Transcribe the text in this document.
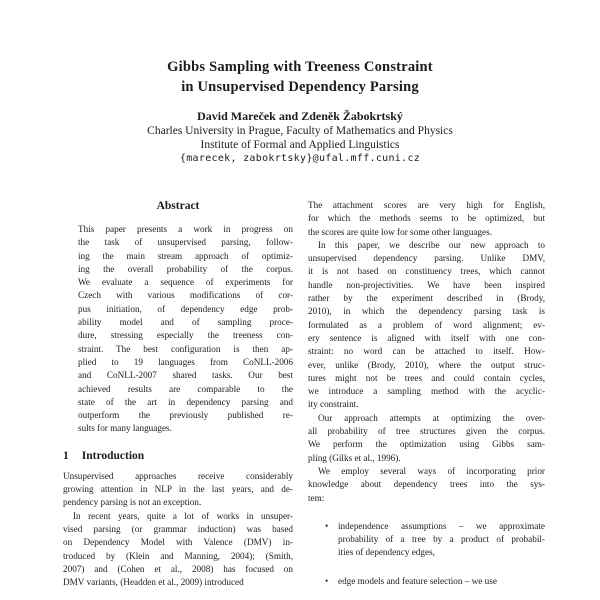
Gibbs Sampling with Treeness Constraint
in Unsupervised Dependency Parsing
David Mareček and Zdeněk Žabokrtský
Charles University in Prague, Faculty of Mathematics and Physics
Institute of Formal and Applied Linguistics
{marecek, zabokrtsky}@ufal.mff.cuni.cz
Abstract
This paper presents a work in progress on
the task of unsupervised parsing, follow-
ing the main stream approach of optimiz-
ing the overall probability of the corpus.
We evaluate a sequence of experiments for
Czech with various modifications of cor-
pus initiation, of dependency edge prob-
ability model and of sampling proce-
dure, stressing especially the treeness con-
straint. The best configuration is then ap-
plied to 19 languages from CoNLL-2006
and CoNLL-2007 shared tasks. Our best
achieved results are comparable to the
state of the art in dependency parsing and
outperform the previously published re-
sults for many languages.
1 Introduction
Unsupervised approaches receive considerably
growing attention in NLP in the last years, and de-
pendency parsing is not an exception.
In recent years, quite a lot of works in unsuper-
vised parsing (or grammar induction) was based
on Dependency Model with Valence (DMV) in-
troduced by (Klein and Manning, 2004); (Smith,
2007) and (Cohen et al., 2008) has focused on
DMV variants, (Headden et al., 2009) introduced
The attachment scores are very high for English,
for which the methods seems to be optimized, but
the scores are quite low for some other languages.
In this paper, we describe our new approach to
unsupervised dependency parsing. Unlike DMV,
it is not based on constituency trees, which cannot
handle non-projectivities. We have been inspired
rather by the experiment described in (Brody,
2010), in which the dependency parsing task is
formulated as a problem of word alignment; ev-
ery sentence is aligned with itself with one con-
straint: no word can be attached to itself. How-
ever, unlike (Brody, 2010), where the output struc-
tures might not be trees and could contain cycles,
we introduce a sampling method with the acyclic-
ity constraint.
Our approach attempts at optimizing the over-
all probability of tree structures given the corpus.
We perform the optimization using Gibbs sam-
pling (Gilks et al., 1996).
We employ several ways of incorporating prior
knowledge about dependency trees into the sys-
tem:
• independence assumptions – we approximate
probability of a tree by a product of probabil-
ities of dependency edges,
• edge models and feature selection – we use
